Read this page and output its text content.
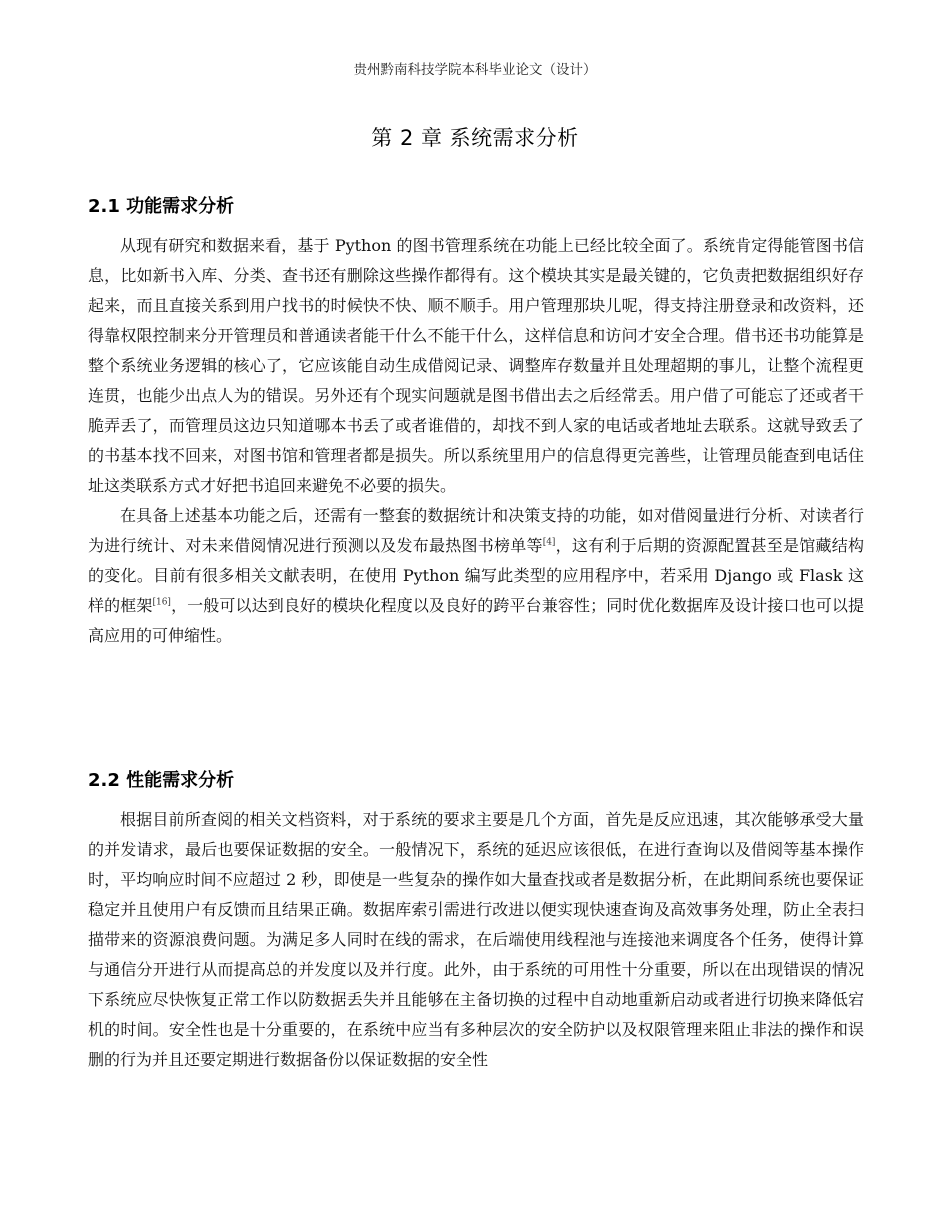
贵州黔南科技学院本科毕业论文（设计）
第 2 章 系统需求分析
2.1 功能需求分析

从现有研究和数据来看，基于 Python 的图书管理系统在功能上已经比较全面了。系统肯定得能管图书信息，比如新书入库、分类、查书还有删除这些操作都得有。这个模块其实是最关键的，它负责把数据组织好存起来，而且直接关系到用户找书的时候快不快、顺不顺手。用户管理那块儿呢，得支持注册登录和改资料，还得靠权限控制来分开管理员和普通读者能干什么不能干什么，这样信息和访问才安全合理。借书还书功能算是整个系统业务逻辑的核心了，它应该能自动生成借阅记录、调整库存数量并且处理超期的事儿，让整个流程更连贯，也能少出点人为的错误。另外还有个现实问题就是图书借出去之后经常丢。用户借了可能忘了还或者干脆弄丢了，而管理员这边只知道哪本书丢了或者谁借的，却找不到人家的电话或者地址去联系。这就导致丢了的书基本找不回来，对图书馆和管理者都是损失。所以系统里用户的信息得更完善些，让管理员能查到电话住址这类联系方式才好把书追回来避免不必要的损失。

在具备上述基本功能之后，还需有一整套的数据统计和决策支持的功能，如对借阅量进行分析、对读者行为进行统计、对未来借阅情况进行预测以及发布最热图书榜单等[4]，这有利于后期的资源配置甚至是馆藏结构的变化。目前有很多相关文献表明，在使用 Python 编写此类型的应用程序中，若采用 Django 或 Flask 这样的框架[16]，一般可以达到良好的模块化程度以及良好的跨平台兼容性；同时优化数据库及设计接口也可以提高应用的可伸缩性。

2.2 性能需求分析

根据目前所查阅的相关文档资料，对于系统的要求主要是几个方面，首先是反应迅速，其次能够承受大量的并发请求，最后也要保证数据的安全。一般情况下，系统的延迟应该很低，在进行查询以及借阅等基本操作时，平均响应时间不应超过 2 秒，即使是一些复杂的操作如大量查找或者是数据分析，在此期间系统也要保证稳定并且使用户有反馈而且结果正确。数据库索引需进行改进以便实现快速查询及高效事务处理，防止全表扫描带来的资源浪费问题。为满足多人同时在线的需求，在后端使用线程池与连接池来调度各个任务，使得计算与通信分开进行从而提高总的并发度以及并行度。此外，由于系统的可用性十分重要，所以在出现错误的情况下系统应尽快恢复正常工作以防数据丢失并且能够在主备切换的过程中自动地重新启动或者进行切换来降低宕机的时间。安全性也是十分重要的，在系统中应当有多种层次的安全防护以及权限管理来阻止非法的操作和误删的行为并且还要定期进行数据备份以保证数据的安全性
